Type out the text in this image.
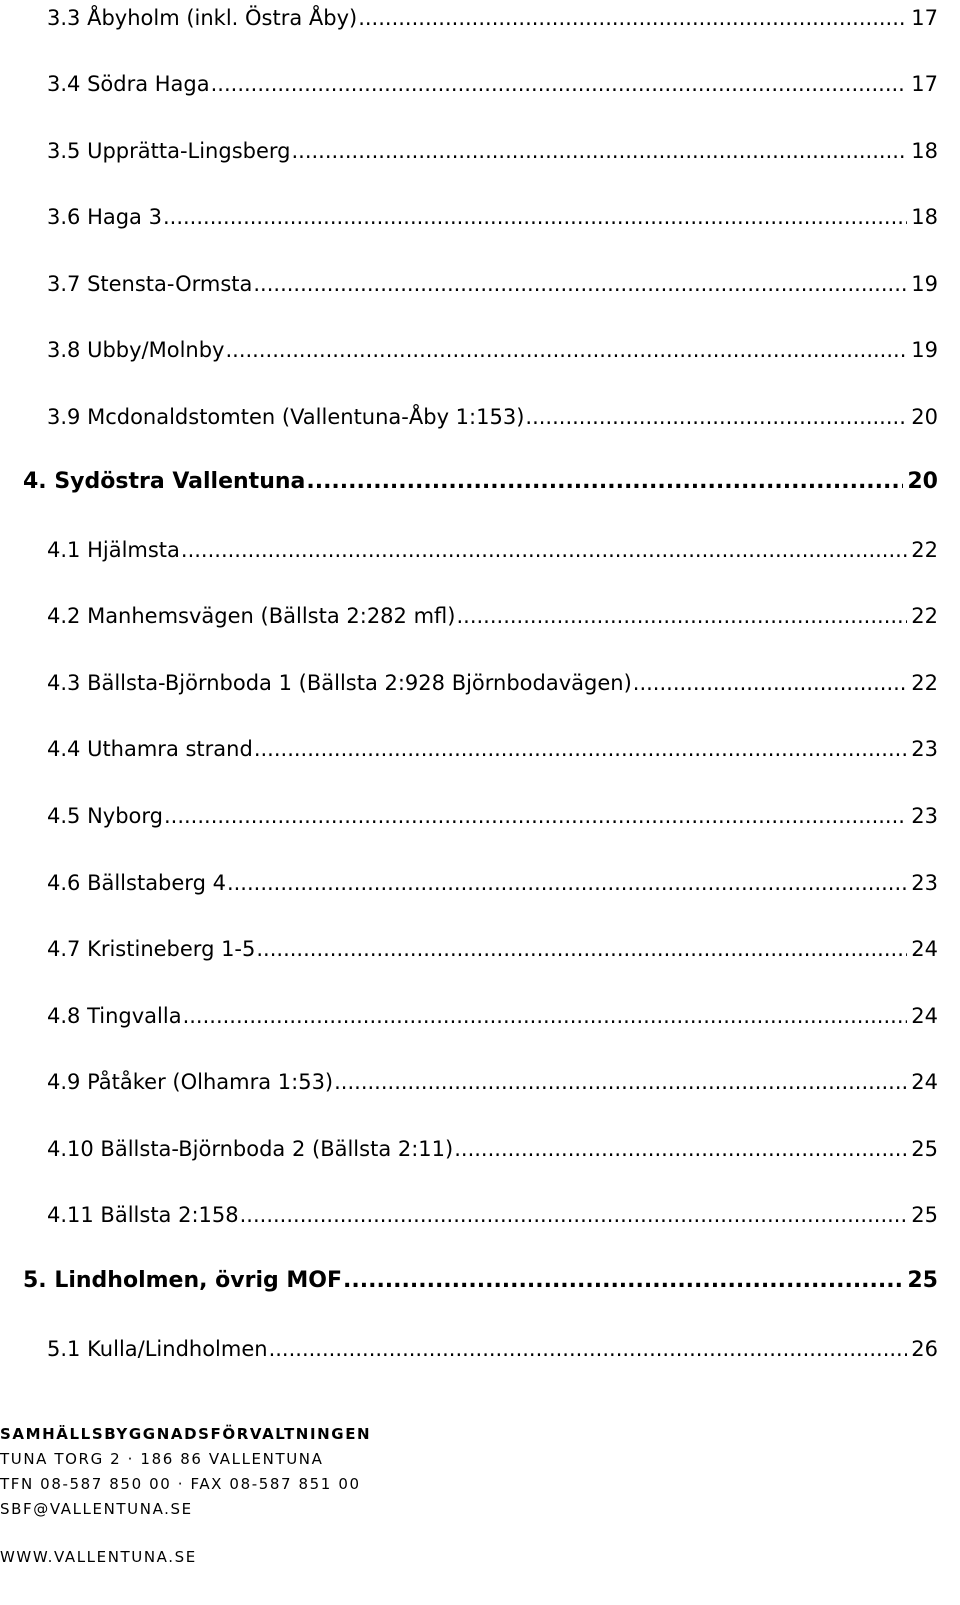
3.3 Åbyholm (inkl. Östra Åby) .....	17
3.4 Södra Haga .....	17
3.5 Upprätta-Lingsberg .....	18
3.6 Haga 3 .....	18
3.7 Stensta-Ormsta .....	19
3.8 Ubby/Molnby .....	19
3.9 Mcdonaldstomten (Vallentuna-Åby 1:153) .....	20
4. Sydöstra Vallentuna .....	20
4.1 Hjälmsta .....	22
4.2 Manhemsvägen (Bällsta 2:282 mfl) .....	22
4.3 Bällsta-Björnboda 1 (Bällsta 2:928 Björnbodavägen) .....	22
4.4 Uthamra strand .....	23
4.5 Nyborg .....	23
4.6 Bällstaberg 4 .....	23
4.7 Kristineberg 1-5 .....	24
4.8 Tingvalla .....	24
4.9 Påtåker (Olhamra 1:53) .....	24
4.10 Bällsta-Björnboda 2 (Bällsta 2:11) .....	25
4.11 Bällsta 2:158 .....	25
5. Lindholmen, övrig MOF .....	25
5.1 Kulla/Lindholmen .....	26
SAMHÄLLSBYGGNADSFÖRVALTNINGEN
TUNA TORG 2 · 186 86 VALLENTUNA
TFN 08-587 850 00 · FAX 08-587 851 00
SBF@VALLENTUNA.SE
WWW.VALLENTUNA.SE
